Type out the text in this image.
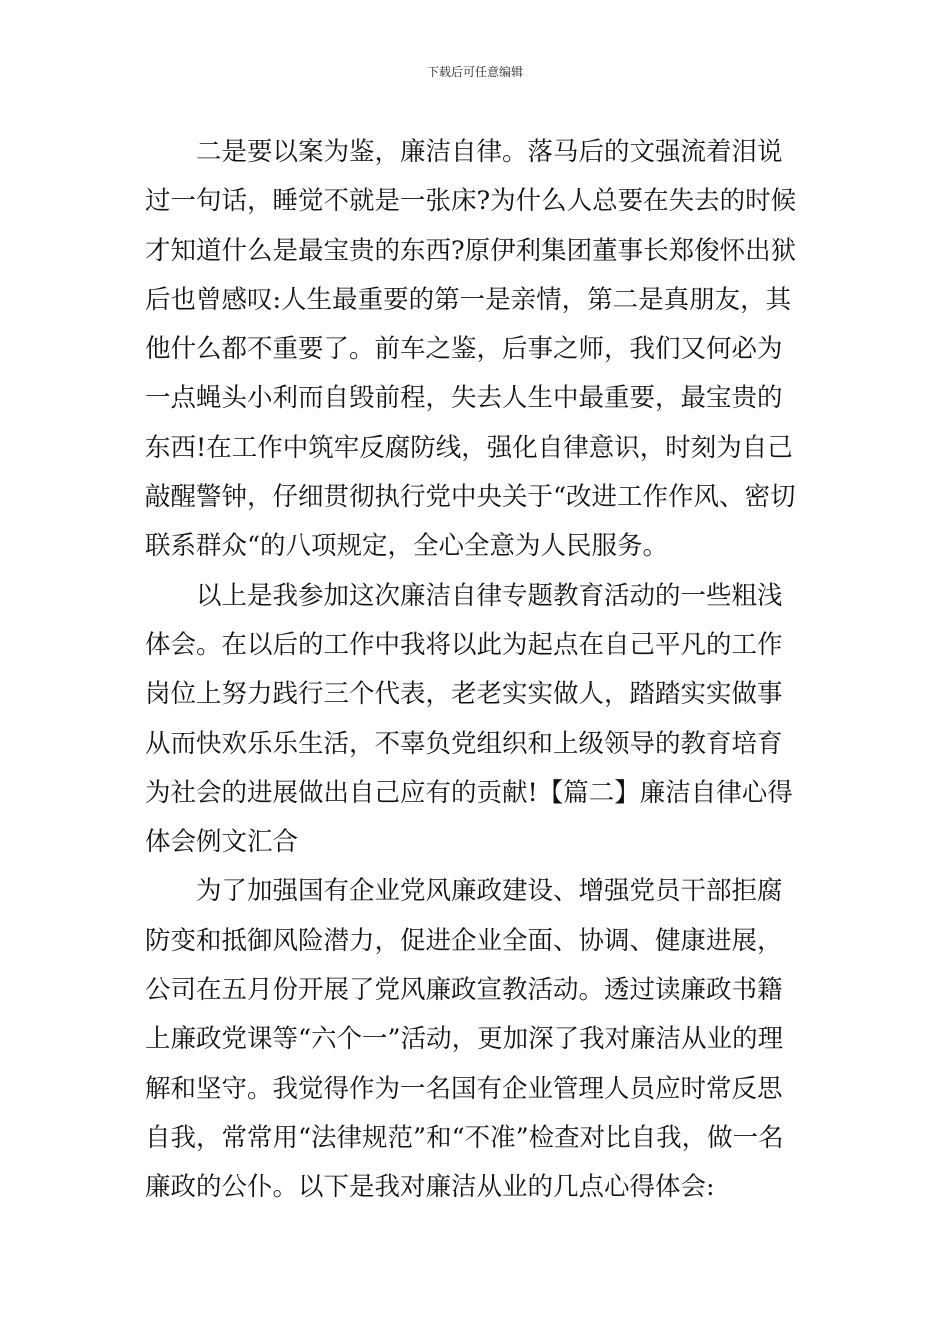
下载后可任意编辑

二是要以案为鉴，廉洁自律。落马后的文强流着泪说过一句话，睡觉不就是一张床?为什么人总要在失去的时候才知道什么是最宝贵的东西?原伊利集团董事长郑俊怀出狱后也曾感叹:人生最重要的第一是亲情，第二是真朋友，其他什么都不重要了。前车之鉴，后事之师，我们又何必为一点蝇头小利而自毁前程，失去人生中最重要，最宝贵的东西!在工作中筑牢反腐防线，强化自律意识，时刻为自己敲醒警钟，仔细贯彻执行党中央关于“改进工作作风、密切联系群众“的八项规定，全心全意为人民服务。

以上是我参加这次廉洁自律专题教育活动的一些粗浅体会。在以后的工作中我将以此为起点在自己平凡的工作岗位上努力践行三个代表，老老实实做人，踏踏实实做事从而快欢乐乐生活，不辜负党组织和上级领导的教育培育为社会的进展做出自己应有的贡献!【篇二】廉洁自律心得体会例文汇合

为了加强国有企业党风廉政建设、增强党员干部拒腐防变和抵御风险潜力，促进企业全面、协调、健康进展，公司在五月份开展了党风廉政宣教活动。透过读廉政书籍上廉政党课等“六个一”活动，更加深了我对廉洁从业的理解和坚守。我觉得作为一名国有企业管理人员应时常反思自我，常常用“法律规范”和“不准”检查对比自我，做一名廉政的公仆。以下是我对廉洁从业的几点心得体会:
